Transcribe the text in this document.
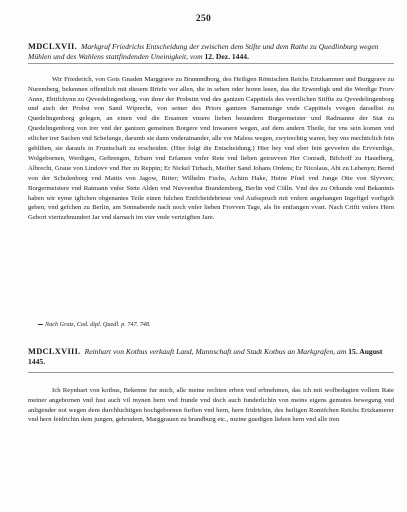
250
MDCLXVII. Markgraf Friedrichs Entscheidung der zwischen dem Stifte und dem Rathe zu Quedlinburg wegen Mühlen und des Wahlens stattfindenden Uneinigkeit, vom 12. Dez. 1444.

Wir Friederich, von Gots Gnaden Marggrave zu Brannndborg, des Heiligen Römischen Reichs Ertzkammer und Burggrave zu Nuremberg, bekennen offentlich mit diesem Briefe vor allen, die in sehen oder horen lesen, das die Erwerdigk und die Werdige Frorv Anne, Ebtifchynn zu Qvvedelingenborg, von ihrer der Probstin vnd des gantzen Cappittels des vvertlichen Stiffts zu Qvvedelingenborg und auch der Probst von Sand Wiprecht, von seiner des Priors gantzen Samenunge vnde Cappittels vvegen darselbst zu Quedelingenborg gelegen, an einen vnd die Ersamen vnsere lieben besundern Burgermeister und Radmanne der Stat zu Quedelingenborg von irer vnd der gantzen gemeinen Borgere vnd Inwanere wegen, auf dem andern Theile, fur vns sein komen vnd etlicher irer Sachen vnd Schelunge, darumb sie dann vnderainander, alle vor Maless wegen, zwytrechtig waren, bey vns mechticlich fein geblihen, sie daraufs in Fruntschaft zu erscheiden. (Hier folgt die Entscheidung.) Hier bey vnd eber fein gevvefen die Ervverdige, Wolgebornen, Werdigen, Geftrengen, Erbarn vnd Erfamen vnfer Rete vnd lieben getruvven Her Conradt, Bifchoff zu Hauelberg, Albrecht, Graue von Lindovv vnd Her zu Reppin; Er Nickel Tirbach, Meifter Sand Johans Ordens; Er Nicolaus, Abt zu Lehenyn; Bernd von der Schulenborg vnd Mattis von Jagow, Ritter; Wilhelm Fuchs, Achim Hake, Heine Pfuel vnd Junge Otte von Slyvven; Borgermeistere vnd Ratmann vnfer Stete Alden vnd Nuvvenftat Brandemborg, Berlin vnd Cölln. Vnd des zu Orkunde vnd Bekantnis haben wir eyme iglichen obgenantes Teile einen fulchen Entfcheidebrieue vnd Aufsspruch mit vnfern angehangen Ingefigel vorfigelt geben; vnd gefchen zu Berlin, am Sonnabende nach noch vnfer lieben Frovven Tage, als fie entfangen vvart. Nach Crifti vnfers Hern Gebort viertzehnundert Jar vnd darnach im vier vnde vertzigften Jare.

Nach Gratz, Cod. dipl. Quedl. p. 747. 748.
MDCLXVIII. Reinhart von Kotbus verkauft Land, Mannschaft und Stadt Kotbus an Markgrafen, am 15. August 1445.

Ich Reynhart von kotbus, Bekenne fur mich, alle meine rechten erben vnd erbnehmen, das ich mit wolbedagten vollem Rate meiner angebornen vnd fust auch vil mynen hern vnd frunde vnd doch auch funderlichin von meins eigens gemutes bewegung vnd anligender not wegen dem durchluchtigen hochgebornen furften vnd hern, hern fridrichin, des heiligen Romifchen Reichs Ertzkamerer vnd hern feidrichin dem jungen, gebrudern, Marggrauen zu brandburg etc., meine guedigen lieben hern vnd alle iren
